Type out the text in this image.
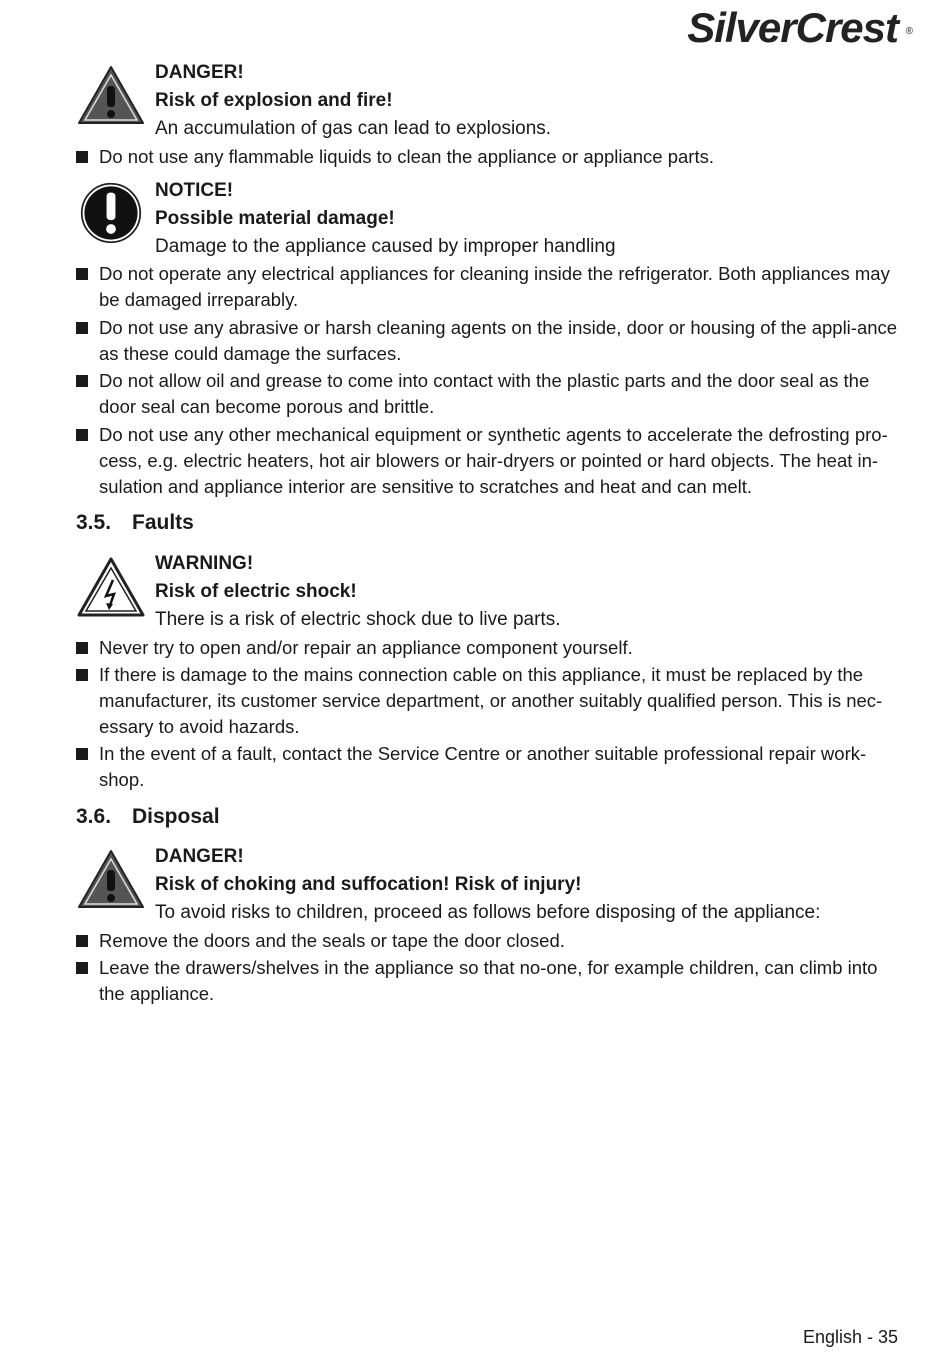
SilverCrest ®
DANGER!
Risk of explosion and fire!
An accumulation of gas can lead to explosions.
Do not use any flammable liquids to clean the appliance or appliance parts.
NOTICE!
Possible material damage!
Damage to the appliance caused by improper handling
Do not operate any electrical appliances for cleaning inside the refrigerator. Both appliances may be damaged irreparably.
Do not use any abrasive or harsh cleaning agents on the inside, door or housing of the appli-ance as these could damage the surfaces.
Do not allow oil and grease to come into contact with the plastic parts and the door seal as the door seal can become porous and brittle.
Do not use any other mechanical equipment or synthetic agents to accelerate the defrosting pro-cess, e.g. electric heaters, hot air blowers or hair-dryers or pointed or hard objects. The heat in-sulation and appliance interior are sensitive to scratches and heat and can melt.
3.5. Faults
WARNING!
Risk of electric shock!
There is a risk of electric shock due to live parts.
Never try to open and/or repair an appliance component yourself.
If there is damage to the mains connection cable on this appliance, it must be replaced by the manufacturer, its customer service department, or another suitably qualified person. This is nec-essary to avoid hazards.
In the event of a fault, contact the Service Centre or another suitable professional repair work-shop.
3.6. Disposal
DANGER!
Risk of choking and suffocation! Risk of injury!
To avoid risks to children, proceed as follows before disposing of the appliance:
Remove the doors and the seals or tape the door closed.
Leave the drawers/shelves in the appliance so that no-one, for example children, can climb into the appliance.
English - 35
